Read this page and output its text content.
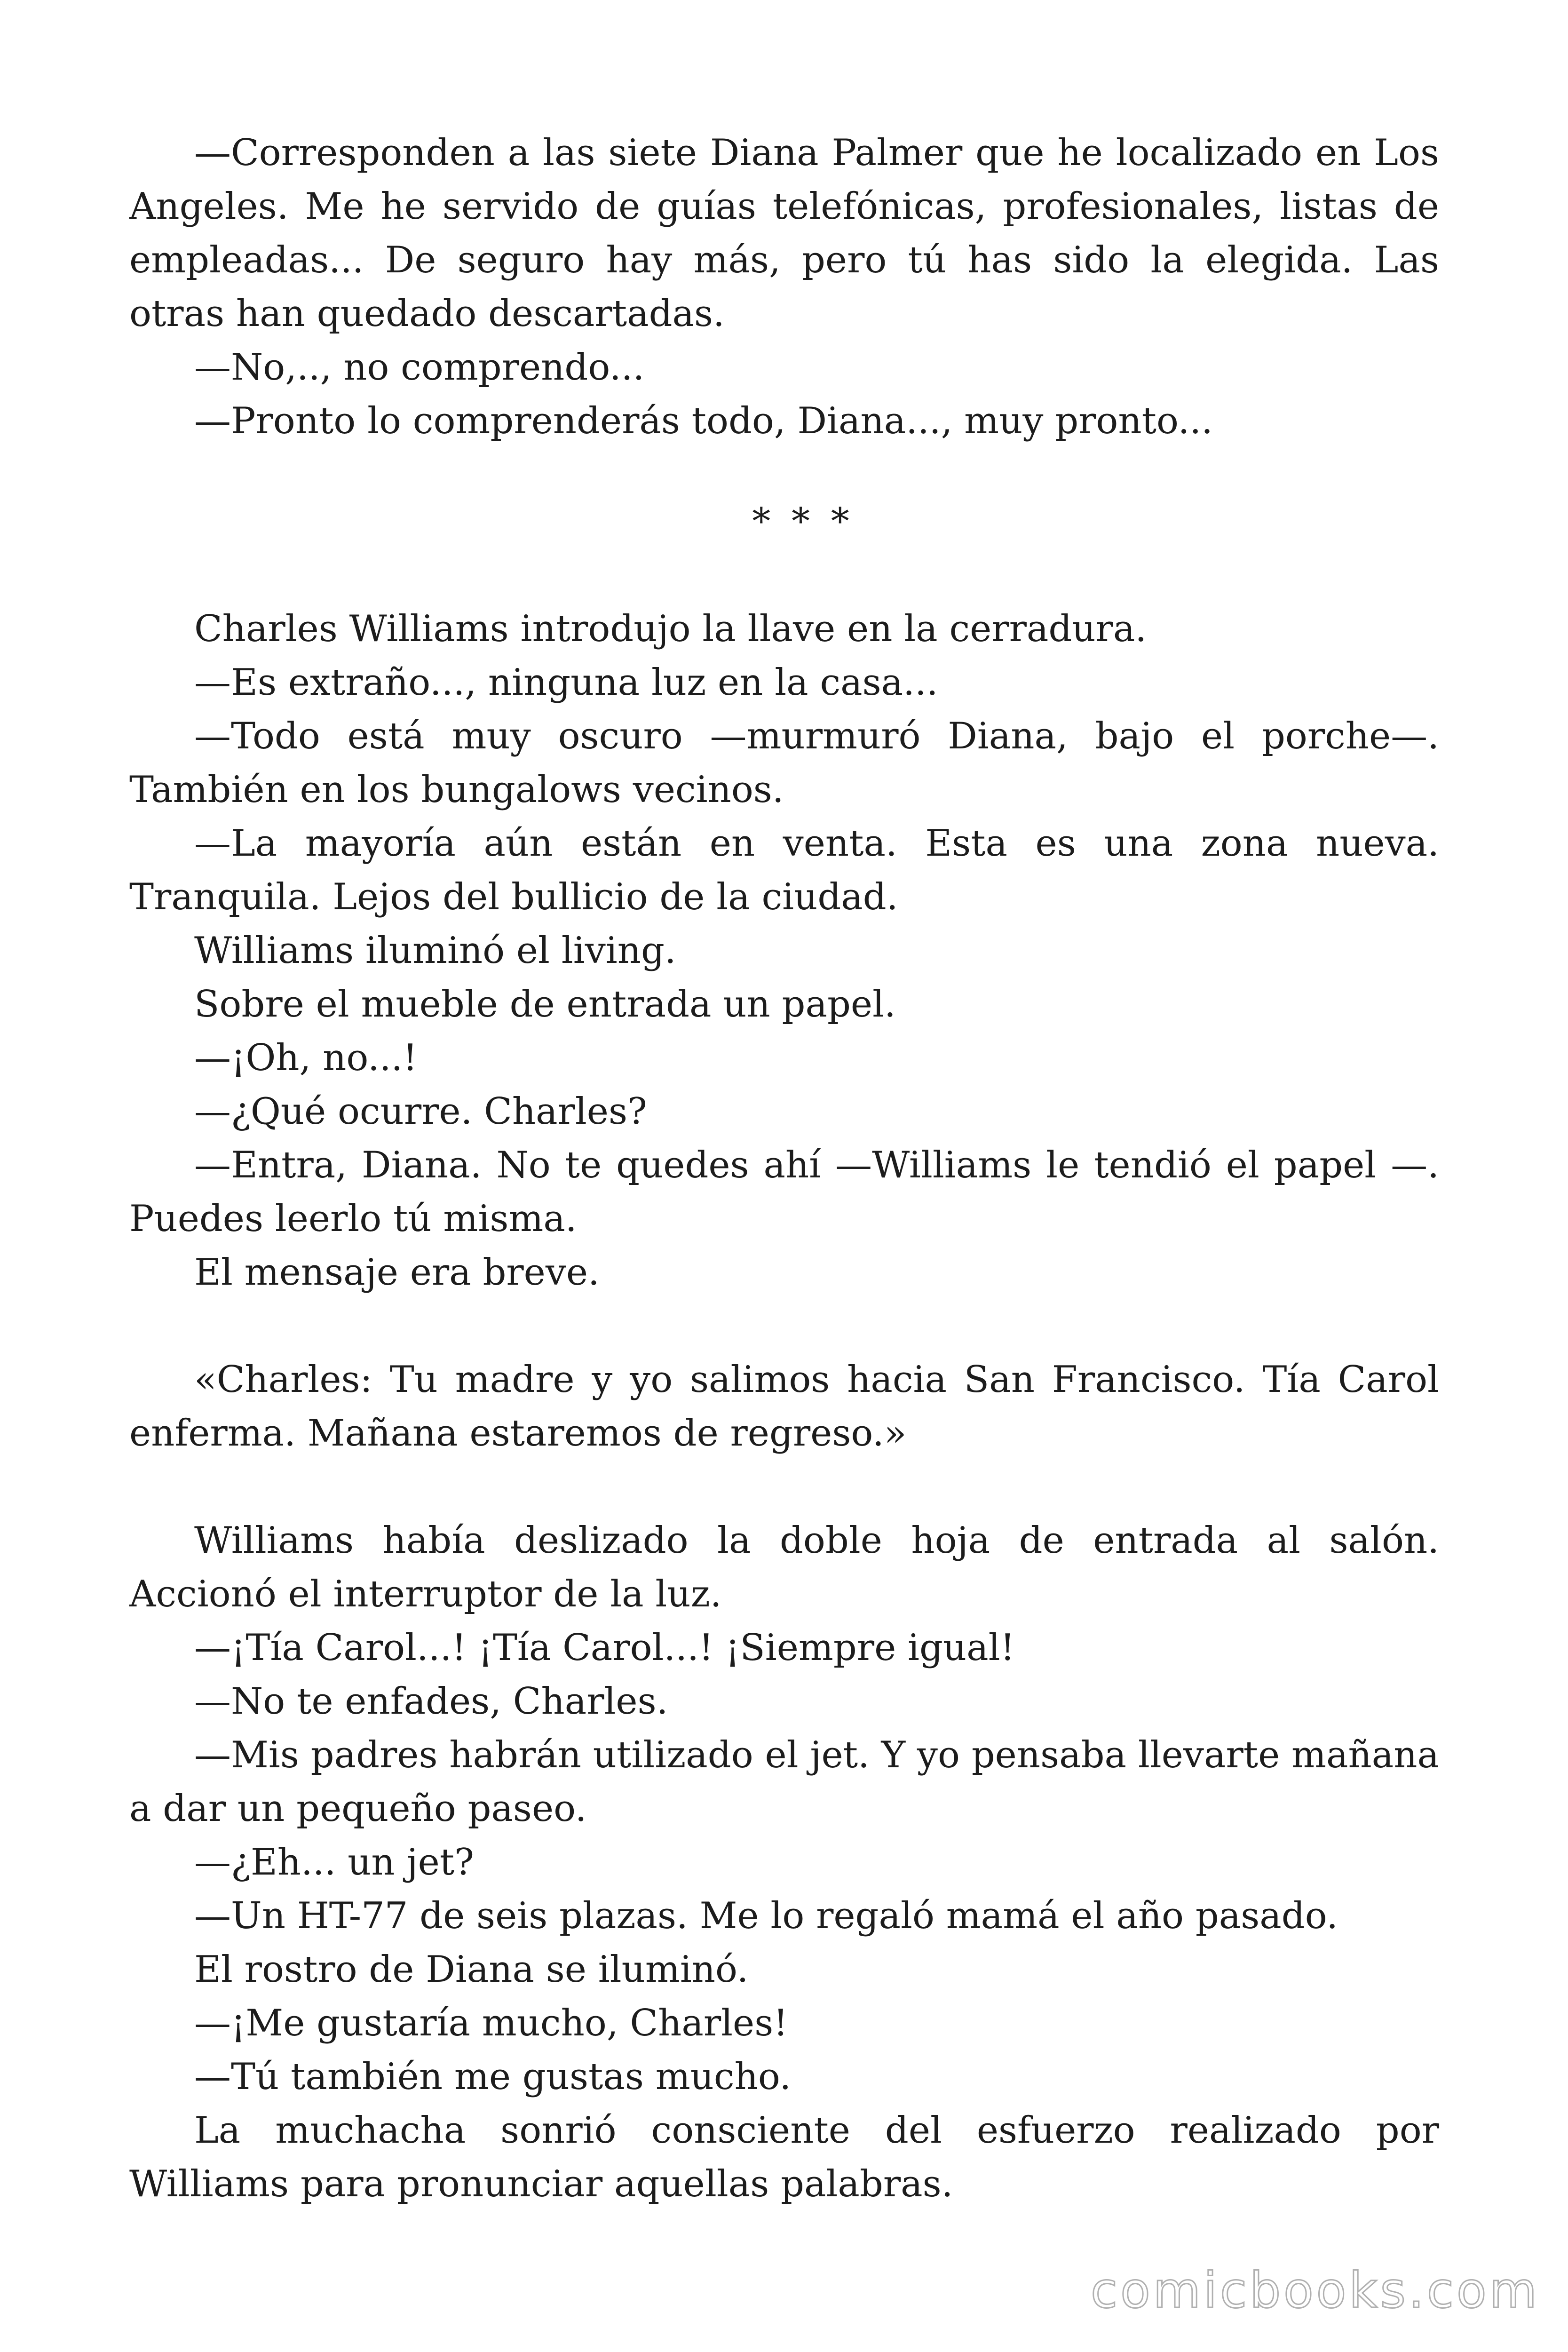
—Corresponden a las siete Diana Palmer que he localizado en Los Angeles. Me he servido de guías telefónicas, profesionales, listas de empleadas... De seguro hay más, pero tú has sido la elegida. Las otras han quedado descartadas.

—No,.., no comprendo...

—Pronto lo comprenderás todo, Diana..., muy pronto...

* * *

Charles Williams introdujo la llave en la cerradura.

—Es extraño..., ninguna luz en la casa...

—Todo está muy oscuro —murmuró Diana, bajo el porche—. También en los bungalows vecinos.

—La mayoría aún están en venta. Esta es una zona nueva. Tranquila. Lejos del bullicio de la ciudad.

Williams iluminó el living.

Sobre el mueble de entrada un papel.

—¡Oh, no...!

—¿Qué ocurre. Charles?

—Entra, Diana. No te quedes ahí —Williams le tendió el papel —. Puedes leerlo tú misma.

El mensaje era breve.

«Charles: Tu madre y yo salimos hacia San Francisco. Tía Carol enferma. Mañana estaremos de regreso.»

Williams había deslizado la doble hoja de entrada al salón. Accionó el interruptor de la luz.

—¡Tía Carol...! ¡Tía Carol...! ¡Siempre igual!

—No te enfades, Charles.

—Mis padres habrán utilizado el jet. Y yo pensaba llevarte mañana a dar un pequeño paseo.

—¿Eh... un jet?

—Un HT-77 de seis plazas. Me lo regaló mamá el año pasado.

El rostro de Diana se iluminó.

—¡Me gustaría mucho, Charles!

—Tú también me gustas mucho.

La muchacha sonrió consciente del esfuerzo realizado por Williams para pronunciar aquellas palabras.

comicbooks.com
